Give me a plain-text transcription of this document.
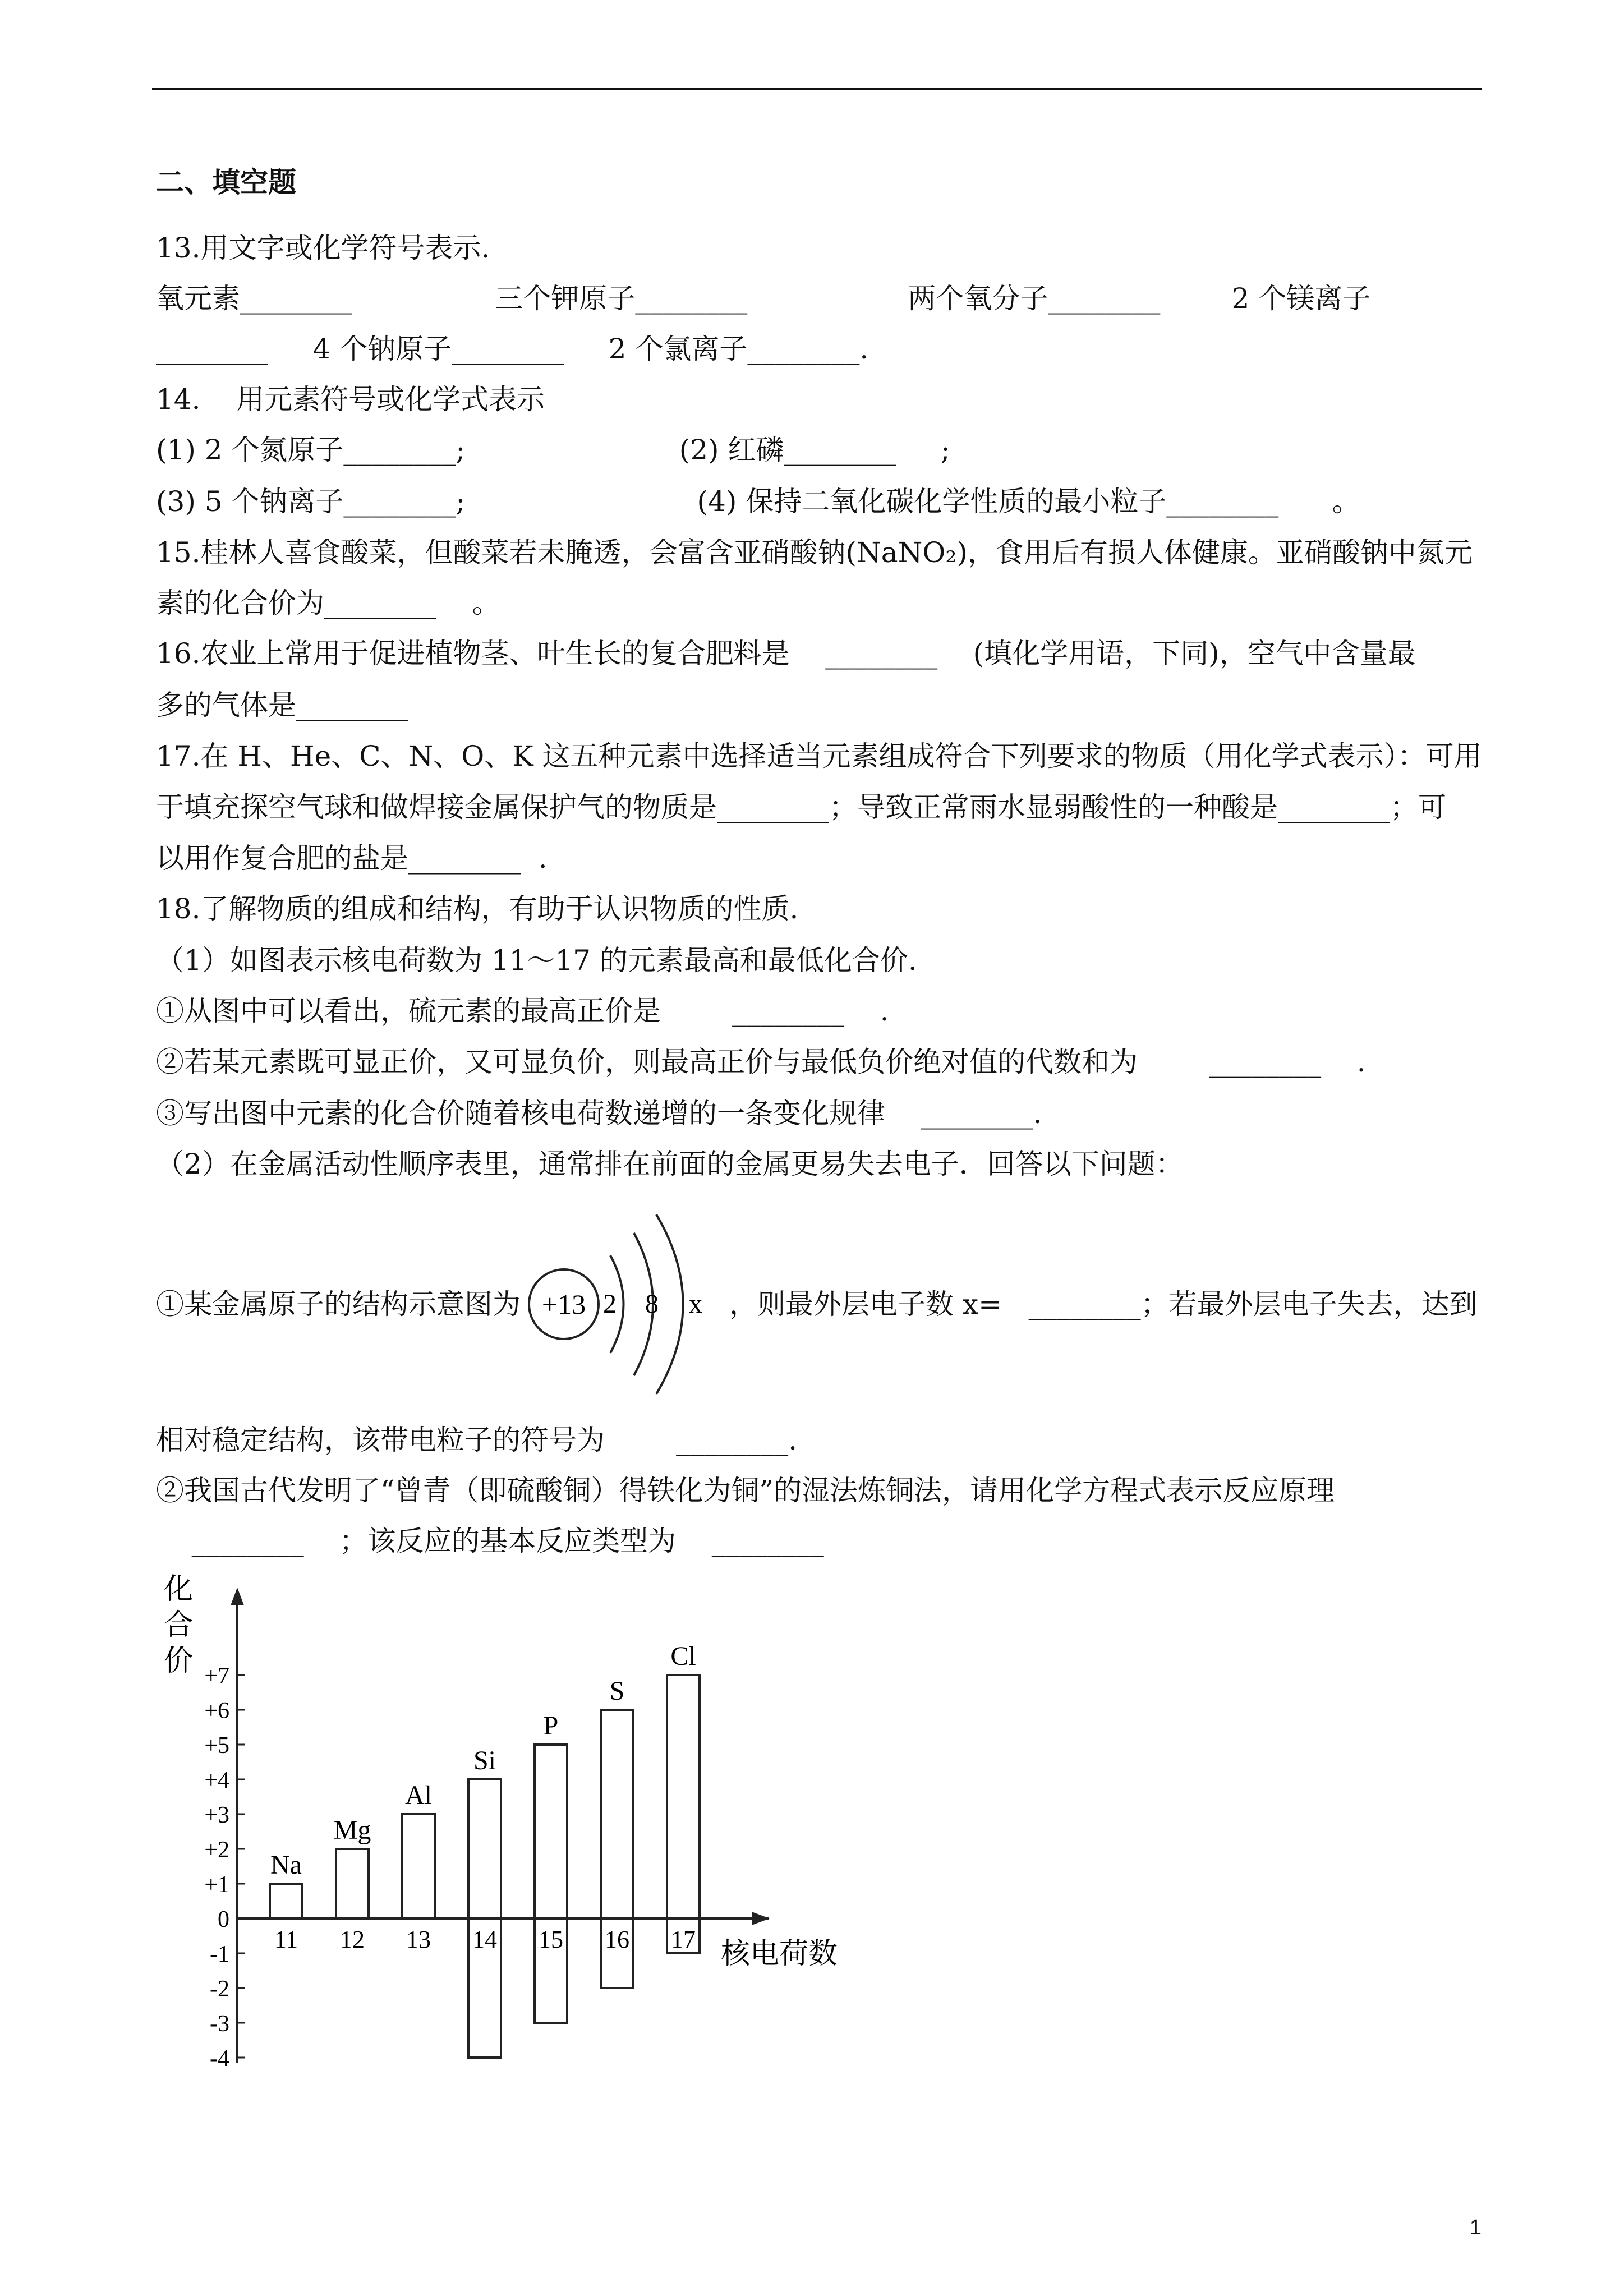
二、填空题
13.用文字或化学符号表示.
氧元素________                三个钾原子________                  两个氧分子________        2 个镁离子
________     4 个钠原子________     2 个氯离子________.
14.    用元素符号或化学式表示
(1) 2 个氮原子________;                        (2) 红磷________     ;
(3) 5 个钠离子________;                          (4) 保持二氧化碳化学性质的最小粒子________      。
15.桂林人喜食酸菜，但酸菜若未腌透，会富含亚硝酸钠(NaNO₂)，食用后有损人体健康。亚硝酸钠中氮元
素的化合价为________    。
16.农业上常用于促进植物茎、叶生长的复合肥料是    ________    (填化学用语，下同)，空气中含量最
多的气体是________
17.在 H、He、C、N、O、K 这五种元素中选择适当元素组成符合下列要求的物质（用化学式表示）：可用
于填充探空气球和做焊接金属保护气的物质是________；导致正常雨水显弱酸性的一种酸是________；可
以用作复合肥的盐是________  .
18.了解物质的组成和结构，有助于认识物质的性质.
（1）如图表示核电荷数为 11～17 的元素最高和最低化合价.
①从图中可以看出，硫元素的最高正价是        ________    .
②若某元素既可显正价，又可显负价，则最高正价与最低负价绝对值的代数和为        ________    .
③写出图中元素的化合价随着核电荷数递增的一条变化规律    ________.
（2）在金属活动性顺序表里，通常排在前面的金属更易失去电子．回答以下问题：
①某金属原子的结构示意图为 +13 2 8 x ，则最外层电子数 x=   ________；若最外层电子失去，达到
相对稳定结构，该带电粒子的符号为        ________.
②我国古代发明了“曾青（即硫酸铜）得铁化为铜”的湿法炼铜法，请用化学方程式表示反应原理
________    ；该反应的基本反应类型为    ________
化
合
价 +7
+6
+5
+4
+3
+2
+1
0
-1
-2
-3
-4
核电荷数
11
Na
12
Mg
13
Al
14
Si
15
P
16
S
17
Cl
1
